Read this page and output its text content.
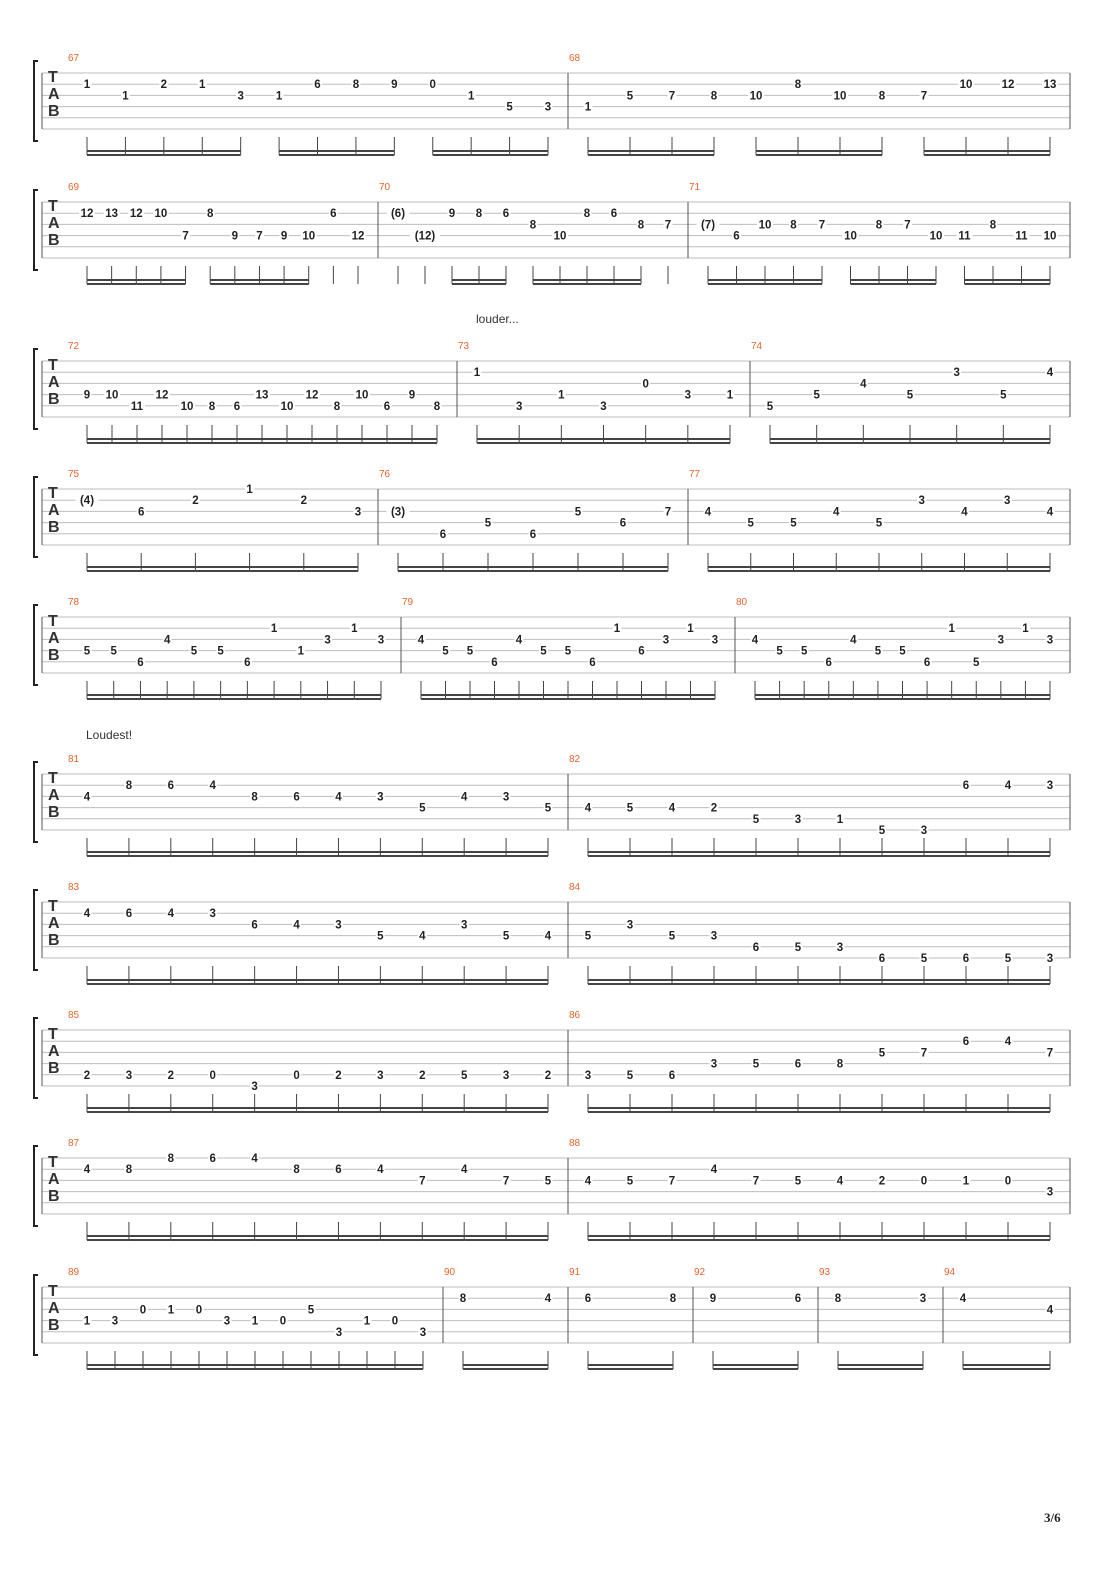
T
A
B
67
1
1
2	1
3	1
6	8	9	0
1
5	3
68
1
5	7	8	10
8
10	8	7
10	12	13
T
A
B
69
12 13 12 10
7
8
9 7 9 10
6
12
70
(6)
(12)
9 8 6
8
10
8 6
8 7
71
(7)
6
10 8 7
10
8 7
10 11
8
11 10
T
A
B
72
9 10
11
12
10 8 6
13
10
12
8
10
6
9
8
73
1
3
1
3
0
3	1
74
5
5
4
5
3
5
4
T
A
B
75
(4)
6
2
1
2
3
76
(3)
6
5
6
5
6
7
77
4
5	5
4
5
3
4
3
4
T
A
B
78
5 5
6
4
5 5
6
1
1
3
1
3
79
4
5 5
6
4
5 5
6
1
6
3
1
3
80
4
5 5
6
4
5 5
6
1
5
3
1
3
T
A
B
81
4
8	6	4
8	6	4	3
5
4	3
5
82
4	5	4	2
5	3	1
5	3
6	4	3
T
A
B
83
4	6	4	3
6	4	3
5	4
3
5	4
84
5
3
5	3
6	5	3
6	5	6	5	3
T
A
B
85
2	3	2	0
3
0	2	3	2	5	3	2
86
3	5	6
3	5	6	8
5	7
6	4
7
T
A
B
87
4	8
8	6	4
8	6	4
7
4
7	5
88
4	5	7
4
7	5	4	2	0	1	0
3
T
A
B
89
1 3
0 1 0
3 1 0
5
3
1 0
3
90
8	4
91
6	8
92
9	6
93
8	3
94
4
4
louder...
Loudest!
3/6
